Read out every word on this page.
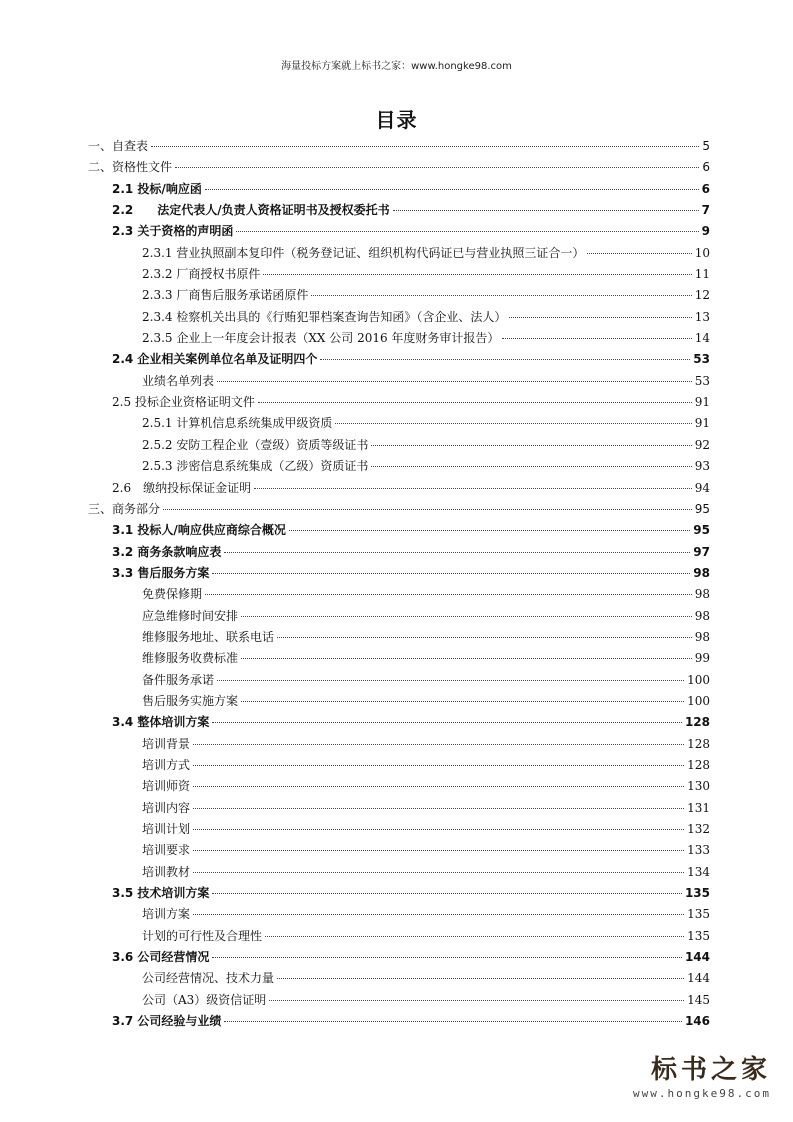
海量投标方案就上标书之家：www.hongke98.com
目录
一、自查表	5
二、资格性文件	6
2.1 投标/响应函	6
2.2　　法定代表人/负责人资格证明书及授权委托书	7
2.3 关于资格的声明函	9
2.3.1 营业执照副本复印件（税务登记证、组织机构代码证已与营业执照三证合一）	10
2.3.2 厂商授权书原件	11
2.3.3 厂商售后服务承诺函原件	12
2.3.4 检察机关出具的《行贿犯罪档案查询告知函》（含企业、法人）	13
2.3.5 企业上一年度会计报表（XX 公司 2016 年度财务审计报告）	14
2.4 企业相关案例单位名单及证明四个	53
业绩名单列表	53
2.5 投标企业资格证明文件	91
2.5.1 计算机信息系统集成甲级资质	91
2.5.2 安防工程企业（壹级）资质等级证书	92
2.5.3 涉密信息系统集成（乙级）资质证书	93
2.6　缴纳投标保证金证明	94
三、商务部分	95
3.1 投标人/响应供应商综合概况	95
3.2 商务条款响应表	97
3.3 售后服务方案	98
免费保修期	98
应急维修时间安排	98
维修服务地址、联系电话	98
维修服务收费标准	99
备件服务承诺	100
售后服务实施方案	100
3.4 整体培训方案	128
培训背景	128
培训方式	128
培训师资	130
培训内容	131
培训计划	132
培训要求	133
培训教材	134
3.5 技术培训方案	135
培训方案	135
计划的可行性及合理性	135
3.6 公司经营情况	144
公司经营情况、技术力量	144
公司（A3）级资信证明	145
3.7 公司经验与业绩	146
标书之家
www.hongke98.com
